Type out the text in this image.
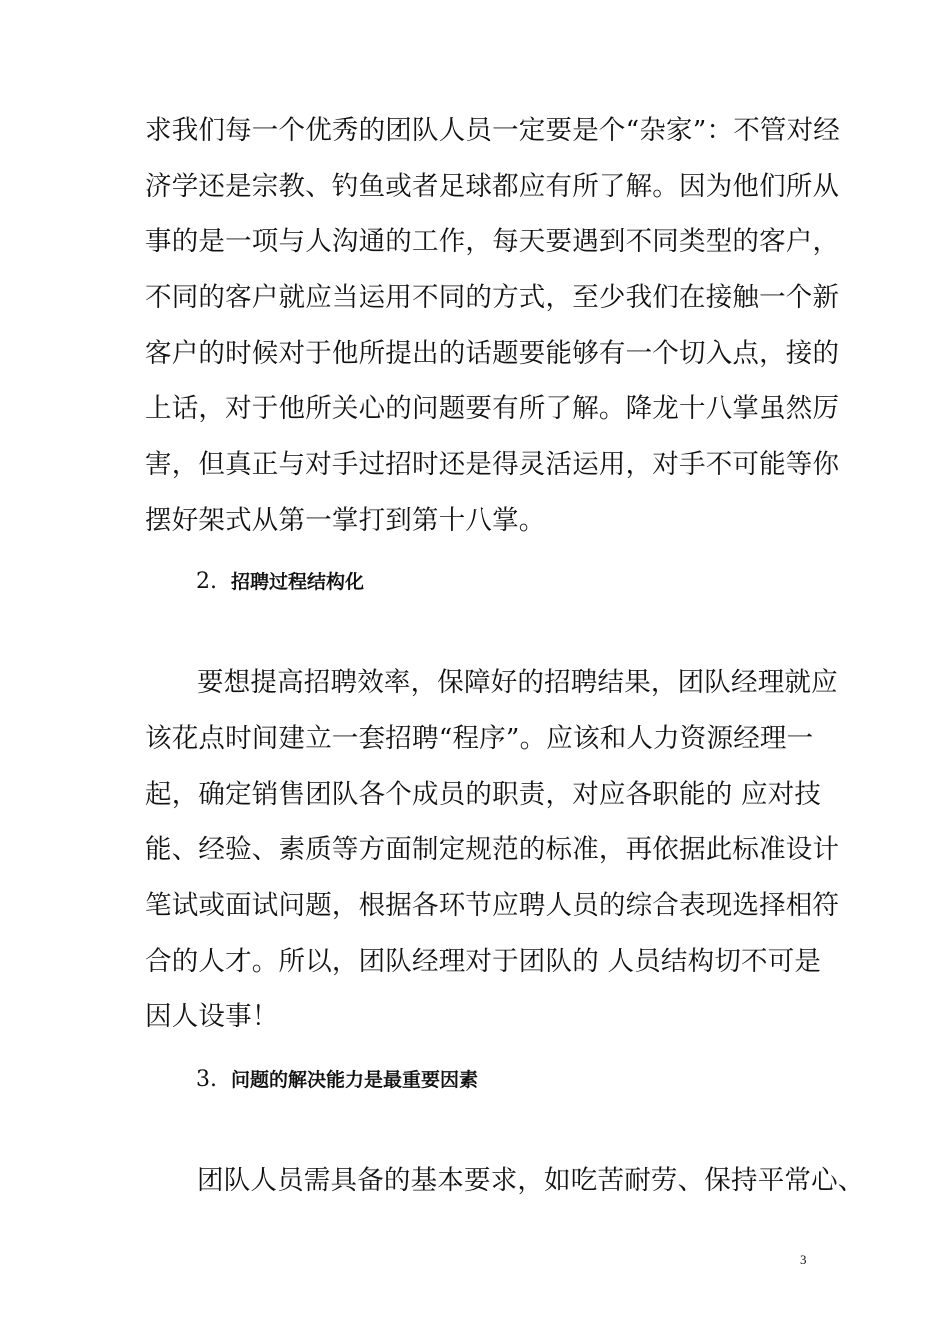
求我们每一个优秀的团队人员一定要是个“杂家”：不管对经
济学还是宗教、钓鱼或者足球都应有所了解。因为他们所从
事的是一项与人沟通的工作，每天要遇到不同类型的客户，
不同的客户就应当运用不同的方式，至少我们在接触一个新
客户的时候对于他所提出的话题要能够有一个切入点，接的
上话，对于他所关心的问题要有所了解。降龙十八掌虽然厉
害，但真正与对手过招时还是得灵活运用，对手不可能等你
摆好架式从第一掌打到第十八掌。
2. 招聘过程结构化
要想提高招聘效率，保障好的招聘结果，团队经理就应
该花点时间建立一套招聘“程序”。应该和人力资源经理一
起，确定销售团队各个成员的职责，对应各职能的 应对技
能、经验、素质等方面制定规范的标准，再依据此标准设计
笔试或面试问题，根据各环节应聘人员的综合表现选择相符
合的人才。所以，团队经理对于团队的 人员结构切不可是
因人设事！
3. 问题的解决能力是最重要因素
团队人员需具备的基本要求，如吃苦耐劳、保持平常心、
3
